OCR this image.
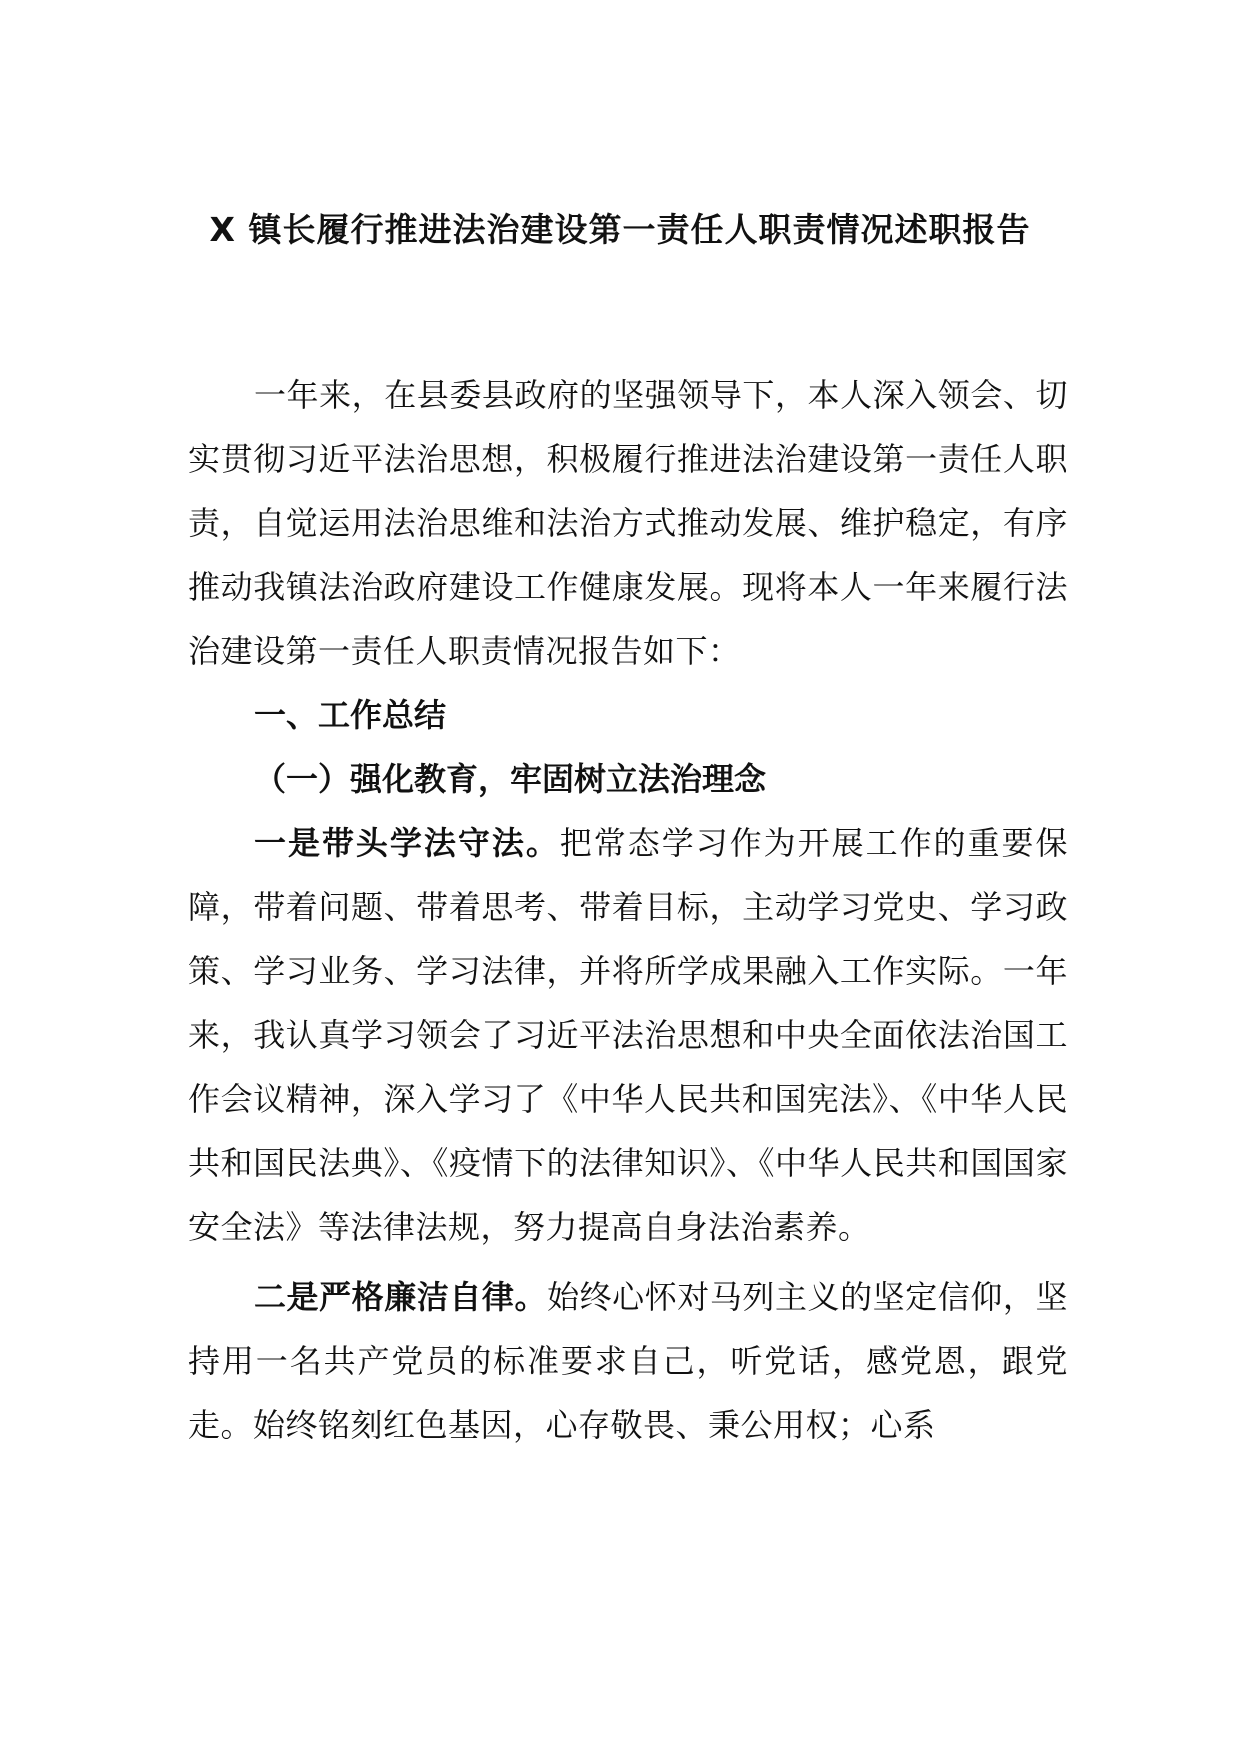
X 镇长履行推进法治建设第一责任人职责情况述职报告

一年来，在县委县政府的坚强领导下，本人深入领会、切实贯彻习近平法治思想，积极履行推进法治建设第一责任人职责，自觉运用法治思维和法治方式推动发展、维护稳定，有序推动我镇法治政府建设工作健康发展。现将本人一年来履行法治建设第一责任人职责情况报告如下：

一、工作总结

（一）强化教育，牢固树立法治理念

一是带头学法守法。把常态学习作为开展工作的重要保障，带着问题、带着思考、带着目标，主动学习党史、学习政策、学习业务、学习法律，并将所学成果融入工作实际。一年来，我认真学习领会了习近平法治思想和中央全面依法治国工作会议精神，深入学习了《中华人民共和国宪法》、《中华人民共和国民法典》、《疫情下的法律知识》、《中华人民共和国国家安全法》等法律法规，努力提高自身法治素养。

二是严格廉洁自律。始终心怀对马列主义的坚定信仰，坚持用一名共产党员的标准要求自己，听党话，感党恩，跟党走。始终铭刻红色基因，心存敬畏、秉公用权；心系
